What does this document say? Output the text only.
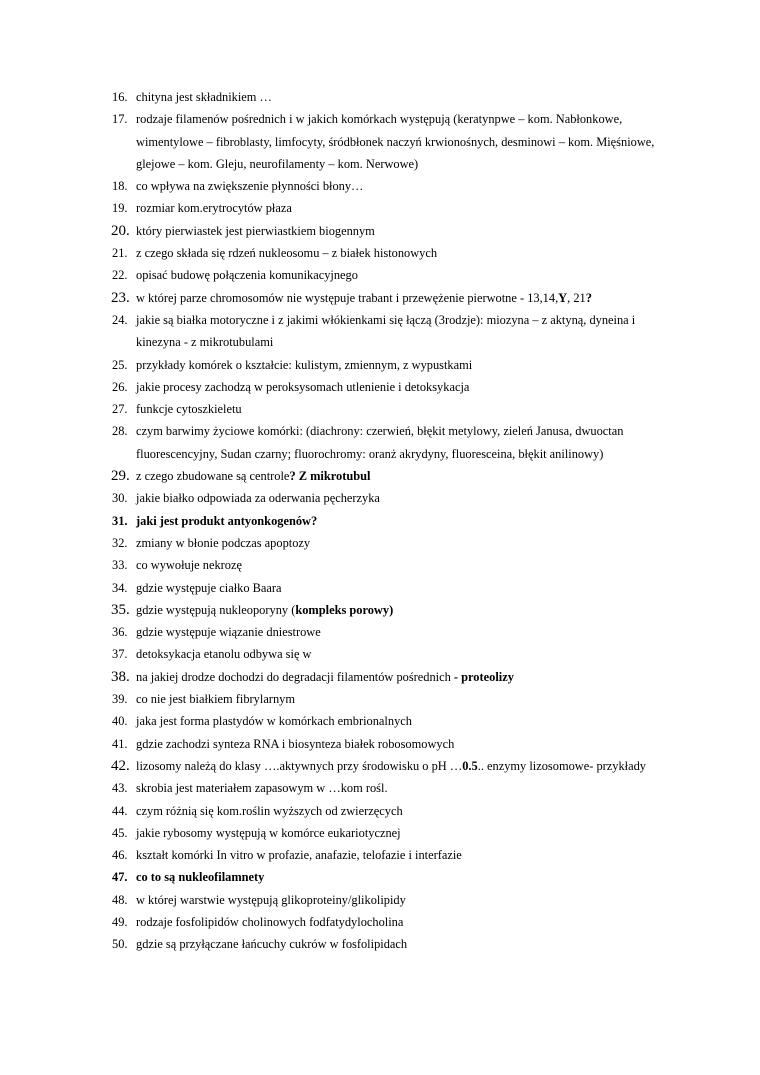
16. chityna jest składnikiem …
17. rodzaje filamenów pośrednich i w jakich komórkach występują (keratynpwe – kom. Nabłonkowe, wimentylowe – fibroblasty, limfocyty, śródbłonek naczyń krwionośnych, desminowi – kom. Mięśniowe, glejowe – kom. Gleju, neurofilamenty – kom. Nerwowe)
18. co wpływa na zwiększenie płynności błony…
19. rozmiar kom.erytrocytów płaza
20. który pierwiastek jest pierwiastkiem biogennym
21. z czego składa się rdzeń nukleosomu – z białek histonowych
22. opisać budowę połączenia komunikacyjnego
23. w której parze chromosomów nie występuje trabant i przewężenie pierwotne - 13,14,Y, 21?
24. jakie są białka motoryczne i z jakimi włókienkami się łączą (3rodzje): miozyna – z aktyną, dyneina i kinezyna - z mikrotubulami
25. przykłady komórek o kształcie: kulistym, zmiennym, z wypustkami
26. jakie procesy zachodzą w peroksysomach utlenienie i detoksykacja
27. funkcje cytoszkieletu
28. czym barwimy życiowe komórki: (diachrony: czerwień, błękit metylowy, zieleń Janusa, dwuoctan fluorescencyjny, Sudan czarny; fluorochromy: oranż akrydyny, fluoresceina, błękit anilinowy)
29. z czego zbudowane są centrole? Z mikrotubul
30. jakie białko odpowiada za oderwania pęcherzyka
31. jaki jest produkt antyonkogenów?
32. zmiany w błonie podczas apoptozy
33. co wywołuje nekrozę
34. gdzie występuje ciałko Baara
35. gdzie występują nukleoporyny (kompleks porowy)
36. gdzie występuje wiązanie dniestrowe
37. detoksykacja etanolu odbywa się w
38. na jakiej drodze dochodzi do degradacji filamentów pośrednich - proteolizy
39. co nie jest białkiem fibrylarnym
40. jaka jest forma plastydów w komórkach embrionalnych
41. gdzie zachodzi synteza RNA i biosynteza białek robosomowych
42. lizosomy należą do klasy ….aktywnych przy środowisku o pH …0.5.. enzymy lizosomowe- przykłady
43. skrobia jest materiałem zapasowym w …kom rośl.
44. czym różnią się kom.roślin wyższych od zwierzęcych
45. jakie rybosomy występują w komórce eukariotycznej
46. kształt komórki In vitro w profazie, anafazie, telofazie i interfazie
47. co to są nukleofilamnety
48. w której warstwie występują glikoproteiny/glikolipidy
49. rodzaje fosfolipidów cholinowych fodfatydylocholina
50. gdzie są przyłączane łańcuchy cukrów w fosfolipidach
